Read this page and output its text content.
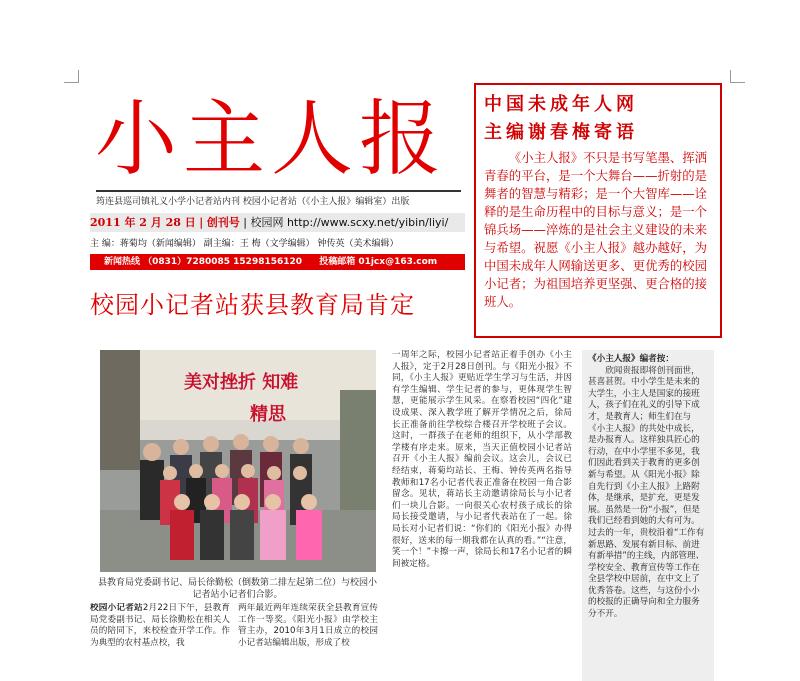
小主人报
筠连县巡司镇礼义小学小记者站内刊 校园小记者站（《小主人报》编辑室）出版
2011 年 2 月 28 日 | 创刊号 | 校园网 http://www.scxy.net/yibin/liyi/
主 编：蒋菊均（新闻编辑） 副主编：王 梅（文学编辑） 钟传英（美术编辑）
新闻热线 （0831）7280085 15298156120 投稿邮箱 01jcx@163.com
校园小记者站获县教育局肯定
中国未成年人网
主编谢春梅寄语
《小主人报》不只是书写笔墨、挥洒青春的平台，是一个大舞台——折射的是舞者的智慧与精彩；是一个大智库——诠释的是生命历程中的目标与意义；是一个锦兵场——淬炼的是社会主义建设的未来与希望。祝愿《小主人报》越办越好，为中国未成年人网输送更多、更优秀的校园小记者；为祖国培养更坚强、更合格的接班人。
美对挫折 知难
精思
县教育局党委副书记、局长徐勤松（倒数第二排左起第二位）与校园小记者站小记者们合影。

校园小记者站2月22日下午，县教育局党委副书记、局长徐勤松在相关人员的陪同下，来校检查开学工作。作为典型的农村基点校，我

两年最近两年连续荣获全县教育宣传工作一等奖。《阳光小报》由学校主管主办，2010年3月1日成立的校园小记者站编辑出版，形成了校

一周年之际，校园小记者站正着手创办《小主人报》，定于2月28日创刊。与《阳光小报》不同，《小主人报》更贴近学生学习与生活，并因有学生编辑、学生记者的参与，更体现学生智慧，更能展示学生风采。在察看校园“四化”建设成果、深入教学班了解开学情况之后，徐局长正准备前往学校综合楼召开学校班子会议。这时，一群孩子在老师的组织下，从小学部教学楼有序走来。原来，当天正值校园小记者站召开《小主人报》编前会议。这会儿，会议已经结束，蒋菊均站长、王梅、钟传英两名指导教师和17名小记者代表正准备在校园一角合影留念。见状，蒋站长主动邀请徐局长与小记者们一块儿合影。一向很关心农村孩子成长的徐局长接受邀请，与小记者代表站在了一起。徐局长对小记者们说：“你们的《阳光小报》办得很好，送来的每一期我都在认真的看。”“注意，笑一个！”卡擦一声，徐局长和17名小记者的瞬间被定格。

《小主人报》编者按：
欣闻贵报即将创刊面世，甚喜甚贺。中小学生是未来的大学生，小主人是国家的接班人，孩子们在礼义的引导下成才，是教育人；师生们在与《小主人报》的共处中成长，是办报育人。这样独具匠心的行动，在中小学里不多见，我们因此看到关于教育的更多创新与希望。从《阳光小报》除自先行到《小主人报》上路附体，是继承，是扩充，更是发展。虽然是一份“小报”，但是我们已经看到她的大有可为。过去的一年，贵校沿着“工作有新思路、发展有新目标、前进有新举措”的主线，内部管理、学校安全、教育宣传等工作在全县学校中居前，在中文上了优秀答卷。这些，与这份小小的校报的正确导向和全力服务分不开。
